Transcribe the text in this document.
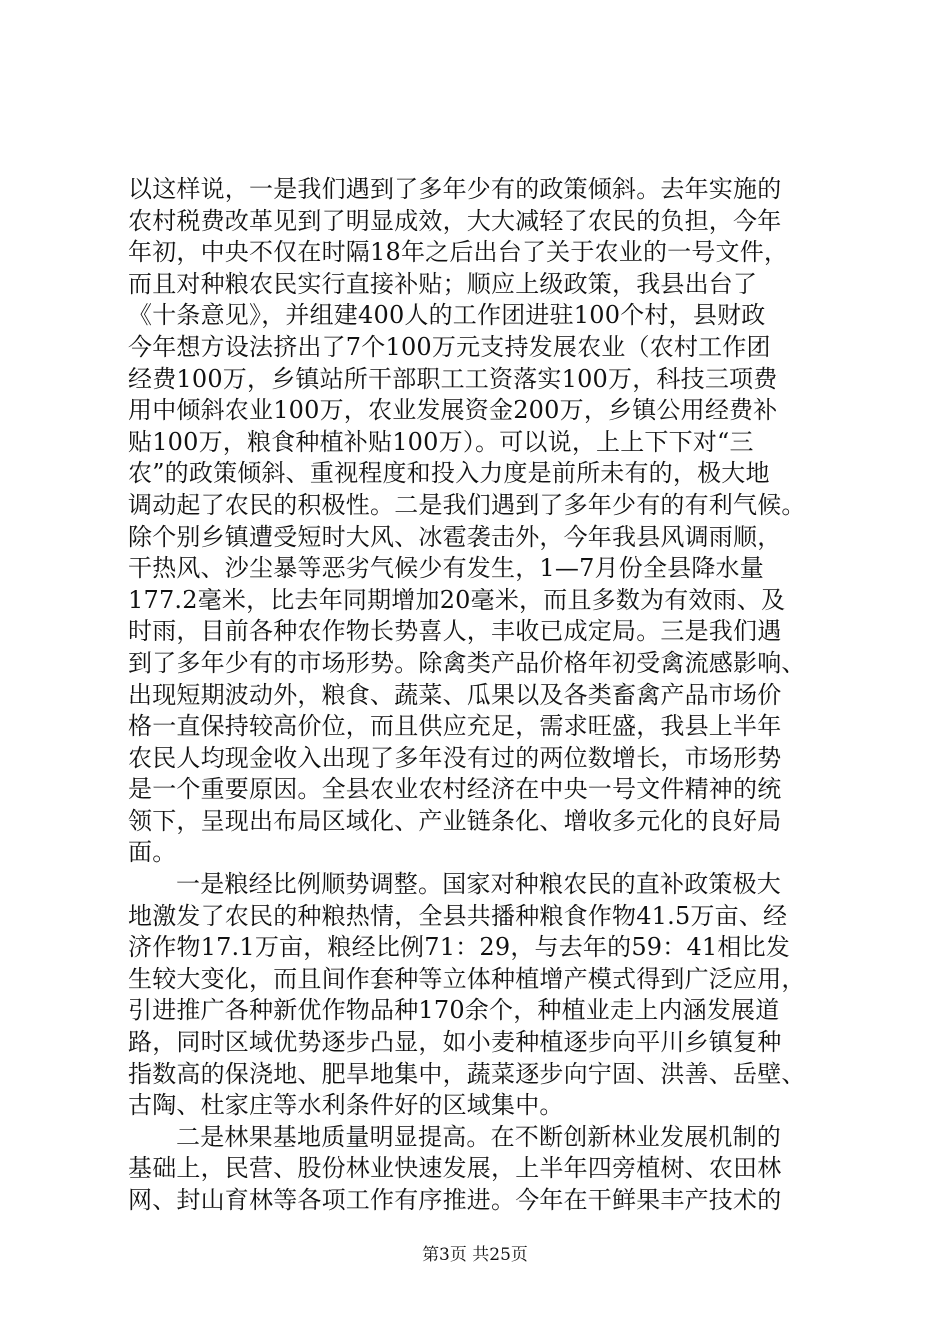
以这样说，一是我们遇到了多年少有的政策倾斜。去年实施的
农村税费改革见到了明显成效，大大减轻了农民的负担，今年
年初，中央不仅在时隔18年之后出台了关于农业的一号文件，
而且对种粮农民实行直接补贴；顺应上级政策，我县出台了
《十条意见》，并组建400人的工作团进驻100个村，县财政
今年想方设法挤出了7个100万元支持发展农业（农村工作团
经费100万，乡镇站所干部职工工资落实100万，科技三项费
用中倾斜农业100万，农业发展资金200万，乡镇公用经费补
贴100万，粮食种植补贴100万）。可以说，上上下下对“三
农”的政策倾斜、重视程度和投入力度是前所未有的，极大地
调动起了农民的积极性。二是我们遇到了多年少有的有利气候。
除个别乡镇遭受短时大风、冰雹袭击外，今年我县风调雨顺，
干热风、沙尘暴等恶劣气候少有发生，1—7月份全县降水量
177.2毫米，比去年同期增加20毫米，而且多数为有效雨、及
时雨，目前各种农作物长势喜人，丰收已成定局。三是我们遇
到了多年少有的市场形势。除禽类产品价格年初受禽流感影响、
出现短期波动外，粮食、蔬菜、瓜果以及各类畜禽产品市场价
格一直保持较高价位，而且供应充足，需求旺盛，我县上半年
农民人均现金收入出现了多年没有过的两位数增长，市场形势
是一个重要原因。全县农业农村经济在中央一号文件精神的统
领下，呈现出布局区域化、产业链条化、增收多元化的良好局
面。
一是粮经比例顺势调整。国家对种粮农民的直补政策极大
地激发了农民的种粮热情，全县共播种粮食作物41.5万亩、经
济作物17.1万亩，粮经比例71：29，与去年的59：41相比发
生较大变化，而且间作套种等立体种植增产模式得到广泛应用，
引进推广各种新优作物品种170余个，种植业走上内涵发展道
路，同时区域优势逐步凸显，如小麦种植逐步向平川乡镇复种
指数高的保浇地、肥旱地集中，蔬菜逐步向宁固、洪善、岳壁、
古陶、杜家庄等水利条件好的区域集中。
二是林果基地质量明显提高。在不断创新林业发展机制的
基础上，民营、股份林业快速发展，上半年四旁植树、农田林
网、封山育林等各项工作有序推进。今年在干鲜果丰产技术的
第3页 共25页
